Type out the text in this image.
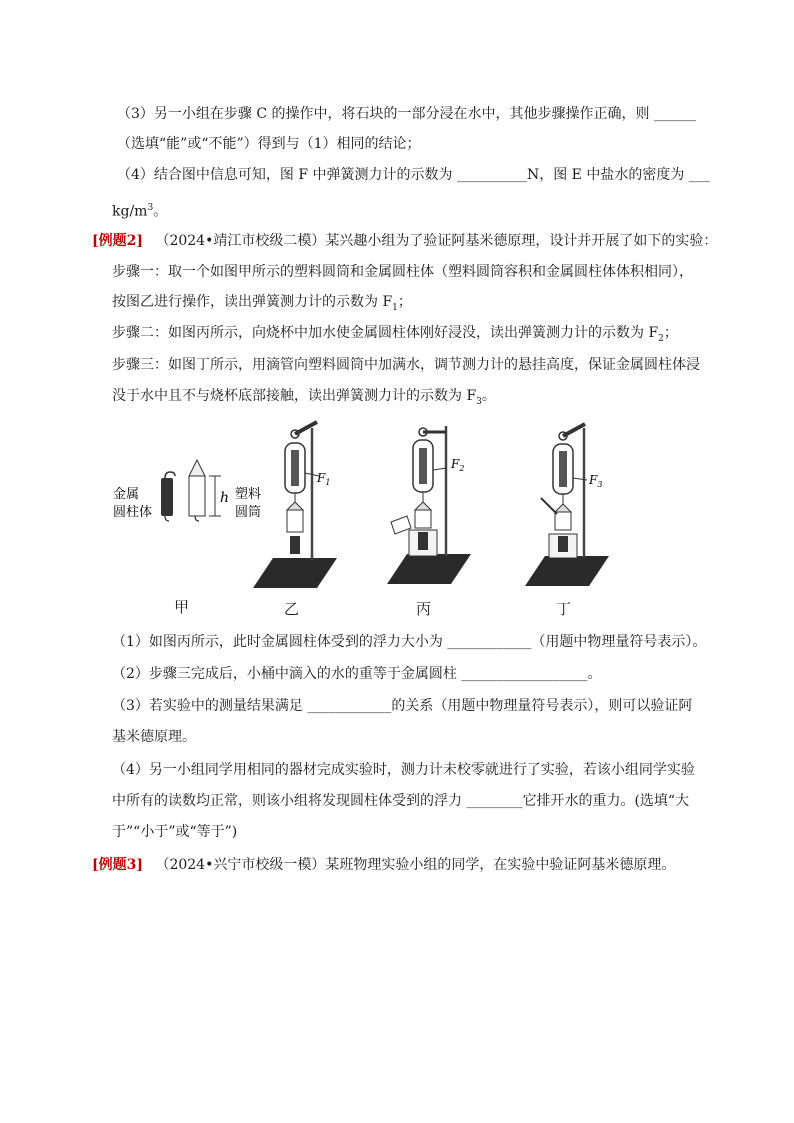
（3）另一小组在步骤 C 的操作中，将石块的一部分浸在水中，其他步骤操作正确，则 ______
（选填“能”或“不能”）得到与（1）相同的结论；
（4）结合图中信息可知，图 F 中弹簧测力计的示数为 __________N，图 E 中盐水的密度为 ___
$kg/m^3$。
[例题2] （2024•靖江市校级二模）某兴趣小组为了验证阿基米德原理，设计并开展了如下的实验：
步骤一：取一个如图甲所示的塑料圆筒和金属圆柱体（塑料圆筒容积和金属圆柱体体积相同），
按图乙进行操作，读出弹簧测力计的示数为 $F_1$；
步骤二：如图丙所示，向烧杯中加水使金属圆柱体刚好浸没，读出弹簧测力计的示数为 $F_2$；
步骤三：如图丁所示，用滴管向塑料圆筒中加满水，调节测力计的悬挂高度，保证金属圆柱体浸
没于水中且不与烧杯底部接触，读出弹簧测力计的示数为 $F_3$。
金属
圆柱体
h 塑料
圆筒
$F_1$
$F_2$
$F_3$
甲	乙	丙	丁
（1）如图丙所示，此时金属圆柱体受到的浮力大小为 ____________（用题中物理量符号表示）。
（2）步骤三完成后，小桶中滴入的水的重等于金属圆柱 __________________。
（3）若实验中的测量结果满足 ____________的关系（用题中物理量符号表示），则可以验证阿
基米德原理。
（4）另一小组同学用相同的器材完成实验时，测力计未校零就进行了实验，若该小组同学实验
中所有的读数均正常，则该小组将发现圆柱体受到的浮力 ________它排开水的重力。(选填“大
于”“小于”或“等于”)
[例题3] （2024•兴宁市校级一模）某班物理实验小组的同学，在实验中验证阿基米德原理。
